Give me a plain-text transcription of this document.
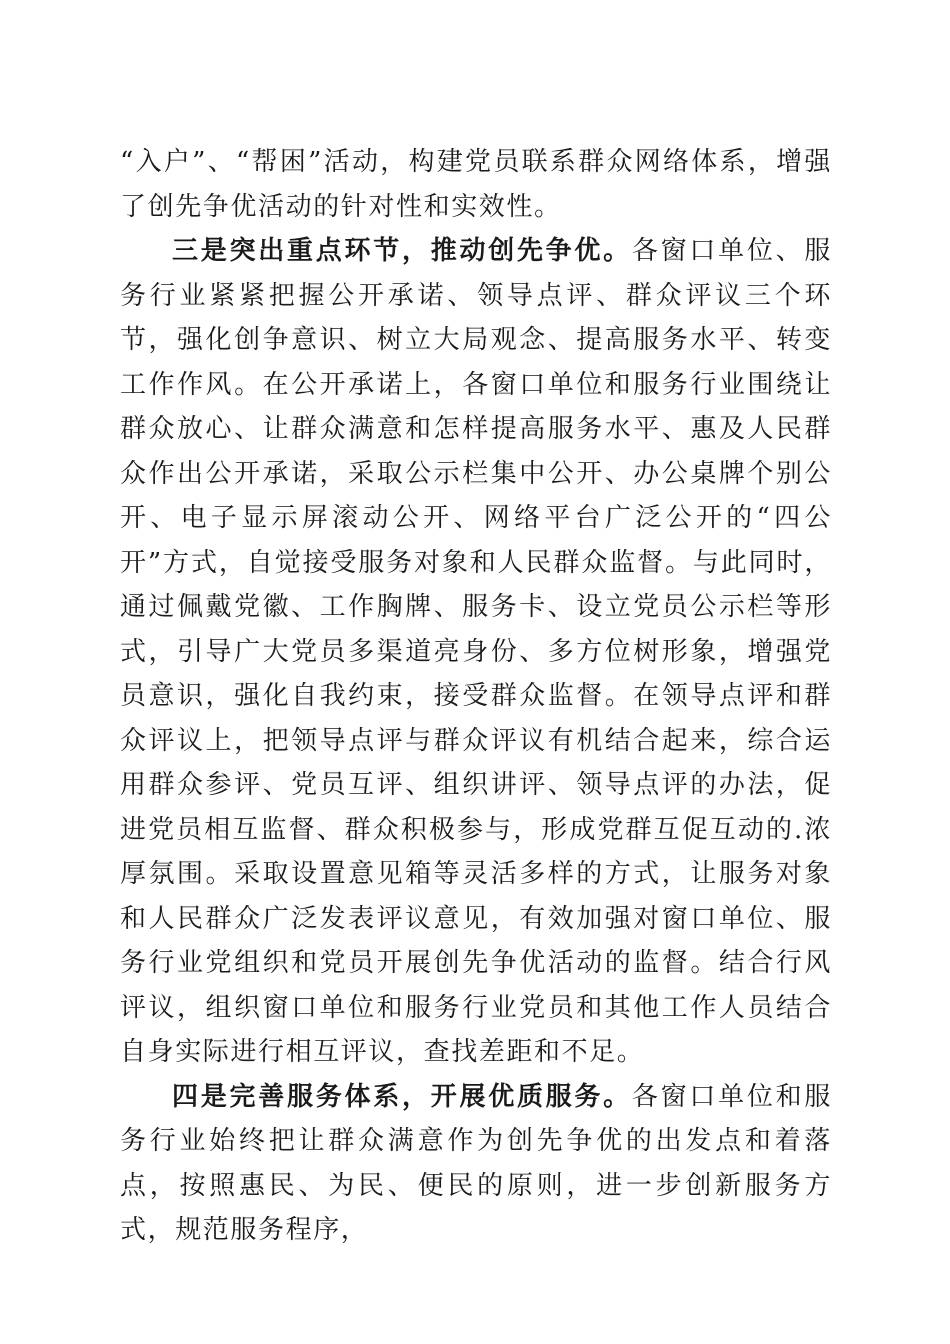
“入户”、“帮困”活动，构建党员联系群众网络体系，增强了创先争优活动的针对性和实效性。

三是突出重点环节，推动创先争优。各窗口单位、服务行业紧紧把握公开承诺、领导点评、群众评议三个环节，强化创争意识、树立大局观念、提高服务水平、转变工作作风。在公开承诺上，各窗口单位和服务行业围绕让群众放心、让群众满意和怎样提高服务水平、惠及人民群众作出公开承诺，采取公示栏集中公开、办公桌牌个别公开、电子显示屏滚动公开、网络平台广泛公开的“四公开”方式，自觉接受服务对象和人民群众监督。与此同时，通过佩戴党徽、工作胸牌、服务卡、设立党员公示栏等形式，引导广大党员多渠道亮身份、多方位树形象，增强党员意识，强化自我约束，接受群众监督。在领导点评和群众评议上，把领导点评与群众评议有机结合起来，综合运用群众参评、党员互评、组织讲评、领导点评的办法，促进党员相互监督、群众积极参与，形成党群互促互动的.浓厚氛围。采取设置意见箱等灵活多样的方式，让服务对象和人民群众广泛发表评议意见，有效加强对窗口单位、服务行业党组织和党员开展创先争优活动的监督。结合行风评议，组织窗口单位和服务行业党员和其他工作人员结合自身实际进行相互评议，查找差距和不足。

四是完善服务体系，开展优质服务。各窗口单位和服务行业始终把让群众满意作为创先争优的出发点和着落点，按照惠民、为民、便民的原则，进一步创新服务方式，规范服务程序，
